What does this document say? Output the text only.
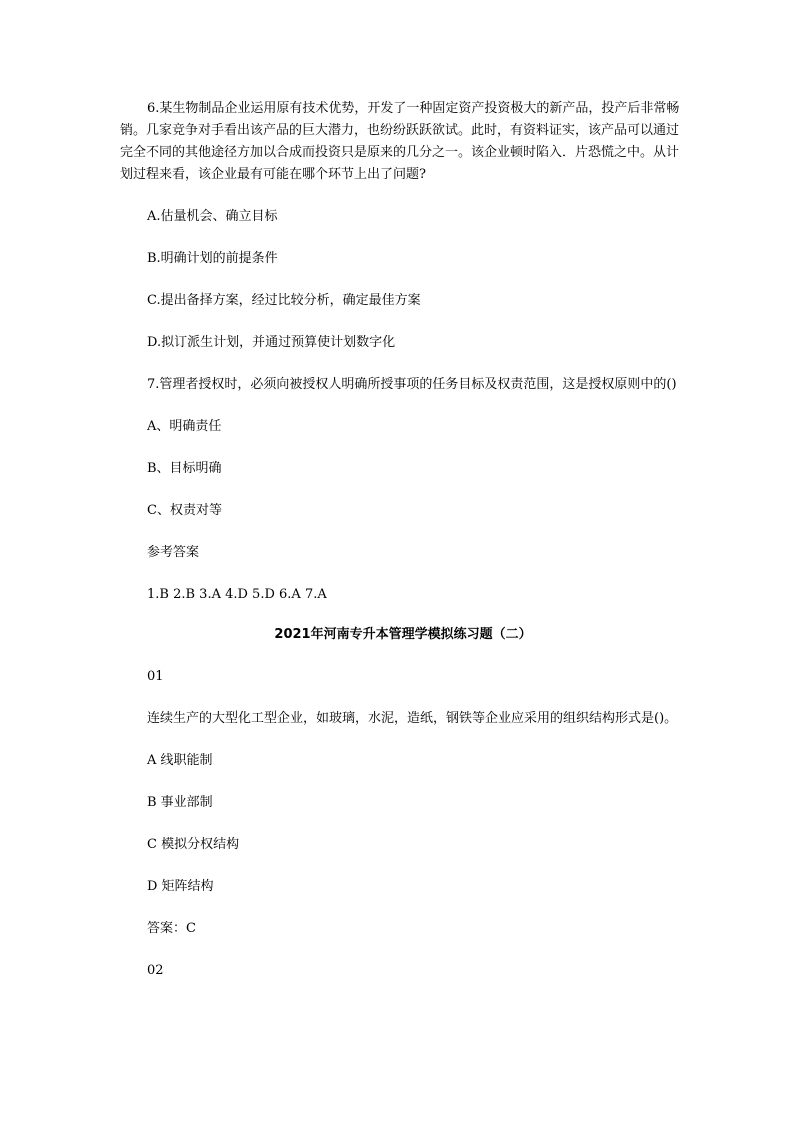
6.某生物制品企业运用原有技术优势，开发了一种固定资产投资极大的新产品，投产后非常畅销。几家竞争对手看出该产品的巨大潜力，也纷纷跃跃欲试。此时，有资料证实，该产品可以通过完全不同的其他途径方加以合成而投资只是原来的几分之一。该企业顿时陷入．片恐慌之中。从计划过程来看，该企业最有可能在哪个环节上出了问题?

A.估量机会、确立目标

B.明确计划的前提条件

C.提出备择方案，经过比较分析，确定最佳方案

D.拟订派生计划，并通过预算使计划数字化

7.管理者授权时，必须向被授权人明确所授事项的任务目标及权责范围，这是授权原则中的()

A、明确责任

B、目标明确

C、权责对等

参考答案

1.B 2.B 3.A 4.D 5.D 6.A 7.A

2021年河南专升本管理学模拟练习题（二）

01

连续生产的大型化工型企业，如玻璃，水泥，造纸，钢铁等企业应采用的组织结构形式是()。

A 线职能制

B 事业部制

C 模拟分权结构

D 矩阵结构

答案：C

02
